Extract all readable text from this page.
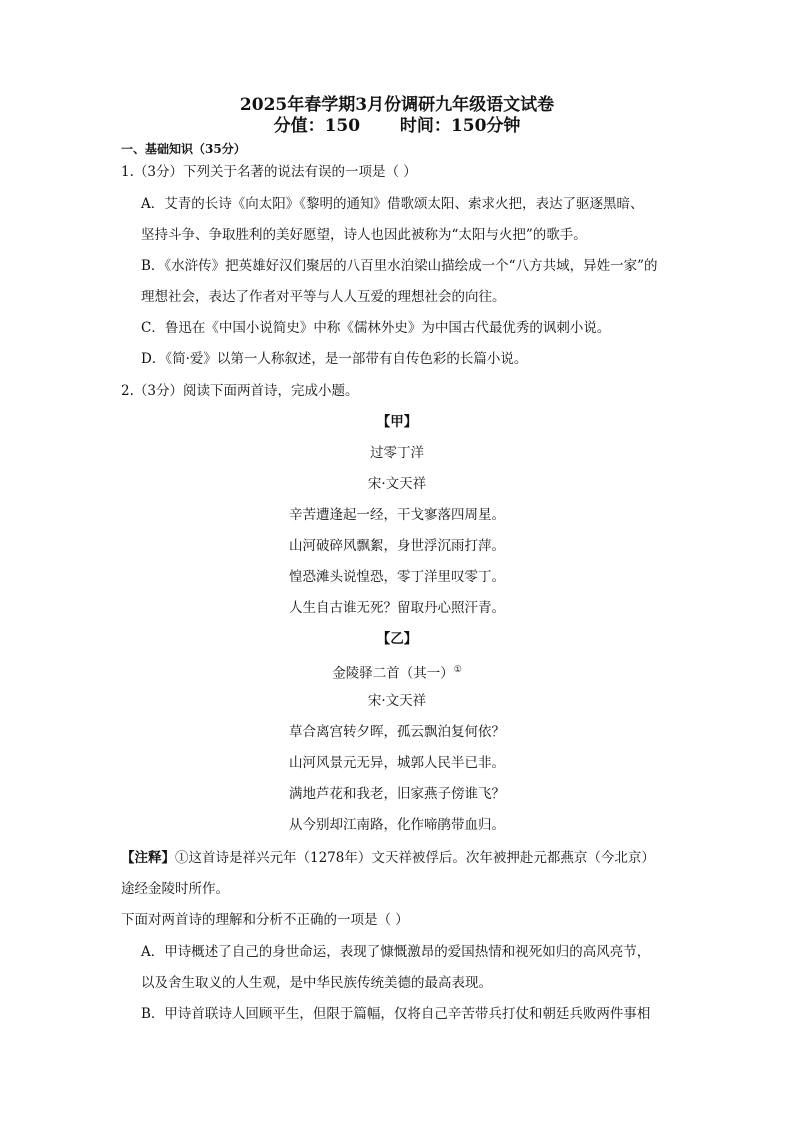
2025年春学期3月份调研九年级语文试卷
分值：150 时间：150分钟
一、基础知识（35分）
1.（3分）下列关于名著的说法有误的一项是（ ）
A．艾青的长诗《向太阳》《黎明的通知》借歌颂太阳、索求火把，表达了驱逐黑暗、
坚持斗争、争取胜利的美好愿望，诗人也因此被称为“太阳与火把”的歌手。
B．《水浒传》把英雄好汉们聚居的八百里水泊梁山描绘成一个“八方共域，异姓一家”的
理想社会，表达了作者对平等与人人互爱的理想社会的向往。
C．鲁迅在《中国小说简史》中称《儒林外史》为中国古代最优秀的讽刺小说。
D．《简·爱》以第一人称叙述，是一部带有自传色彩的长篇小说。
2.（3分）阅读下面两首诗，完成小题。
【甲】
过零丁洋
宋·文天祥
辛苦遭逢起一经，干戈寥落四周星。
山河破碎风飘絮，身世浮沉雨打萍。
惶恐滩头说惶恐，零丁洋里叹零丁。
人生自古谁无死？留取丹心照汗青。
【乙】
金陵驿二首（其一）①
宋·文天祥
草合离宫转夕晖，孤云飘泊复何依？
山河风景元无异，城郭人民半已非。
满地芦花和我老，旧家燕子傍谁飞？
从今别却江南路，化作啼鹃带血归。
【注释】①这首诗是祥兴元年（1278年）文天祥被俘后。次年被押赴元都燕京（今北京）
途经金陵时所作。
下面对两首诗的理解和分析不正确的一项是（ ）
A．甲诗概述了自己的身世命运，表现了慷慨激昂的爱国热情和视死如归的高风亮节，
以及舍生取义的人生观，是中华民族传统美德的最高表现。
B．甲诗首联诗人回顾平生，但限于篇幅，仅将自己辛苦带兵打仗和朝廷兵败两件事相
